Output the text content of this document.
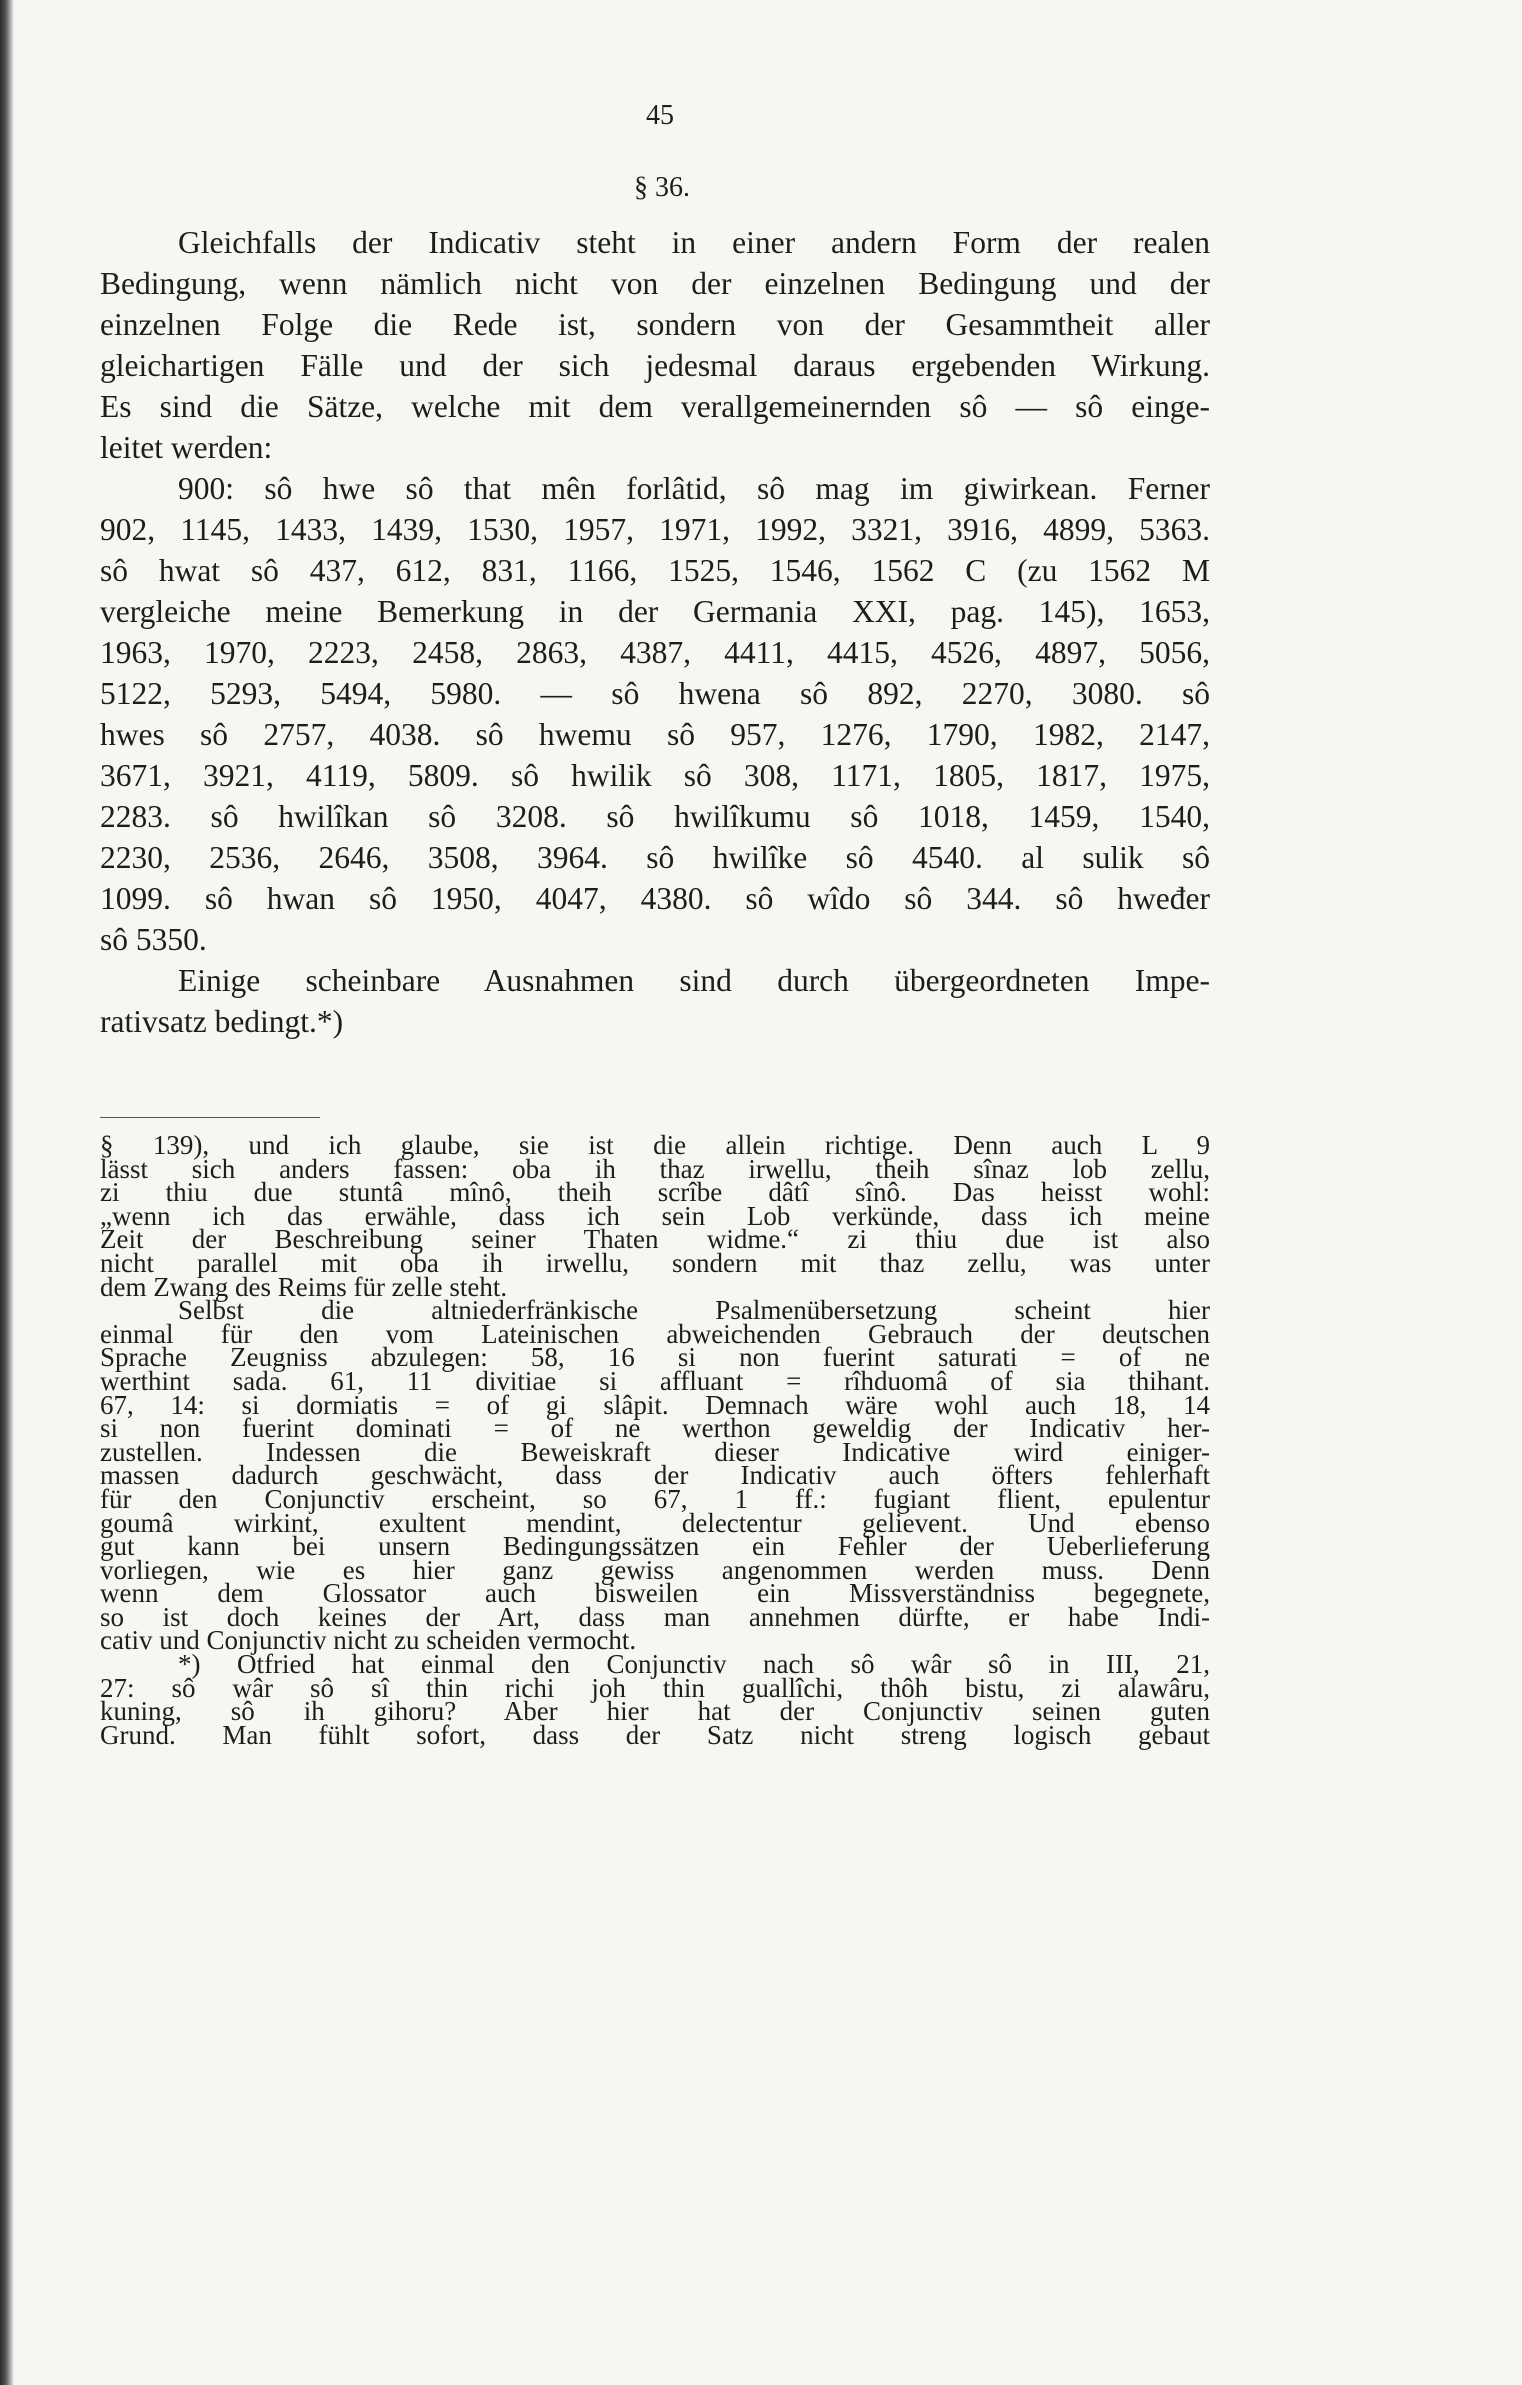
45
§ 36.
Gleichfalls der Indicativ steht in einer andern Form der realen
Bedingung, wenn nämlich nicht von der einzelnen Bedingung und der
einzelnen Folge die Rede ist, sondern von der Gesammtheit aller
gleichartigen Fälle und der sich jedesmal daraus ergebenden Wirkung.
Es sind die Sätze, welche mit dem verallgemeinernden sô — sô einge-
leitet werden:
900: sô hwe sô that mên forlâtid, sô mag im giwirkean. Ferner
902, 1145, 1433, 1439, 1530, 1957, 1971, 1992, 3321, 3916, 4899, 5363.
sô hwat sô 437, 612, 831, 1166, 1525, 1546, 1562 C (zu 1562 M
vergleiche meine Bemerkung in der Germania XXI, pag. 145), 1653,
1963, 1970, 2223, 2458, 2863, 4387, 4411, 4415, 4526, 4897, 5056,
5122, 5293, 5494, 5980. — sô hwena sô 892, 2270, 3080. sô
hwes sô 2757, 4038. sô hwemu sô 957, 1276, 1790, 1982, 2147,
3671, 3921, 4119, 5809. sô hwilik sô 308, 1171, 1805, 1817, 1975,
2283. sô hwilîkan sô 3208. sô hwilîkumu sô 1018, 1459, 1540,
2230, 2536, 2646, 3508, 3964. sô hwilîke sô 4540. al sulik sô
1099. sô hwan sô 1950, 4047, 4380. sô wîdo sô 344. sô hweđer
sô 5350.
Einige scheinbare Ausnahmen sind durch übergeordneten Impe-
rativsatz bedingt.*)
§ 139), und ich glaube, sie ist die allein richtige. Denn auch L 9
lässt sich anders fassen: oba ih thaz irwellu, theih sînaz lob zellu,
zi thiu due stuntâ mînô, theih scrîbe dâtî sînô. Das heisst wohl:
„wenn ich das erwähle, dass ich sein Lob verkünde, dass ich meine
Zeit der Beschreibung seiner Thaten widme.“ zi thiu due ist also
nicht parallel mit oba ih irwellu, sondern mit thaz zellu, was unter
dem Zwang des Reims für zelle steht.
Selbst die altniederfränkische Psalmenübersetzung scheint hier
einmal für den vom Lateinischen abweichenden Gebrauch der deutschen
Sprache Zeugniss abzulegen: 58, 16 si non fuerint saturati = of ne
werthint sada. 61, 11 divitiae si affluant = rîhduomâ of sia thihant.
67, 14: si dormiatis = of gi slâpit. Demnach wäre wohl auch 18, 14
si non fuerint dominati = of ne werthon geweldig der Indicativ her-
zustellen. Indessen die Beweiskraft dieser Indicative wird einiger-
massen dadurch geschwächt, dass der Indicativ auch öfters fehlerhaft
für den Conjunctiv erscheint, so 67, 1 ff.: fugiant flient, epulentur
goumâ wirkint, exultent mendint, delectentur gelievent. Und ebenso
gut kann bei unsern Bedingungssätzen ein Fehler der Ueberlieferung
vorliegen, wie es hier ganz gewiss angenommen werden muss. Denn
wenn dem Glossator auch bisweilen ein Missverständniss begegnete,
so ist doch keines der Art, dass man annehmen dürfte, er habe Indi-
cativ und Conjunctiv nicht zu scheiden vermocht.
*) Otfried hat einmal den Conjunctiv nach sô wâr sô in III, 21,
27: sô wâr sô sî thin richi joh thin guallîchi, thôh bistu, zi alawâru,
kuning, sô ih gihoru? Aber hier hat der Conjunctiv seinen guten
Grund. Man fühlt sofort, dass der Satz nicht streng logisch gebaut
